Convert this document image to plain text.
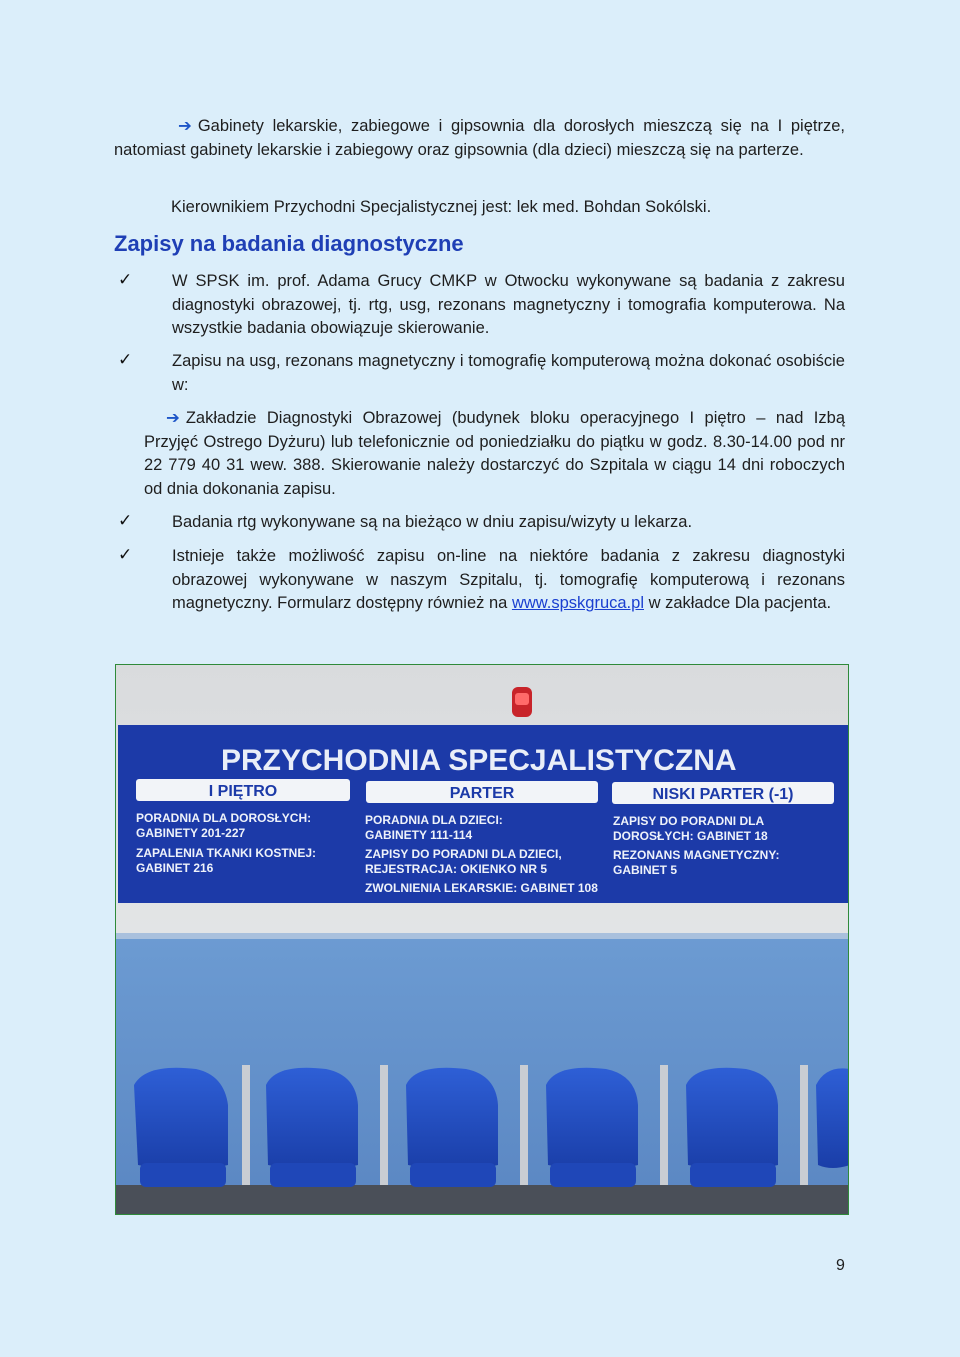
➔ Gabinety lekarskie, zabiegowe i gipsownia dla dorosłych mieszczą się na I piętrze, natomiast gabinety lekarskie i zabiegowy oraz gipsownia (dla dzieci) mieszczą się na parterze.

Kierownikiem Przychodni Specjalistycznej jest: lek med. Bohdan Sokólski.

Zapisy na badania diagnostyczne
✓ W SPSK im. prof. Adama Grucy CMKP w Otwocku wykonywane są badania z zakresu diagnostyki obrazowej, tj. rtg, usg, rezonans magnetyczny i tomografia komputerowa. Na wszystkie badania obowiązuje skierowanie.

✓ Zapisu na usg, rezonans magnetyczny i tomografię komputerową można dokonać osobiście w:

➔ Zakładzie Diagnostyki Obrazowej (budynek bloku operacyjnego I piętro – nad Izbą Przyjęć Ostrego Dyżuru) lub telefonicznie od poniedziałku do piątku w godz. 8.30-14.00 pod nr 22 779 40 31 wew. 388. Skierowanie należy dostarczyć do Szpitala w ciągu 14 dni roboczych od dnia dokonania zapisu.

✓ Badania rtg wykonywane są na bieżąco w dniu zapisu/wizyty u lekarza.

✓ Istnieje także możliwość zapisu on-line na niektóre badania z zakresu diagnostyki obrazowej wykonywane w naszym Szpitalu, tj. tomografię komputerową i rezonans magnetyczny. Formularz dostępny również na www.spskgruca.pl w zakładce Dla pacjenta.

PRZYCHODNIA SPECJALISTYCZNA
I PIĘTRO	PARTER	NISKI PARTER (-1)
PORADNIA DLA DOROSŁYCH:
GABINETY 201-227
ZAPALENIA TKANKI KOSTNEJ:
GABINET 216
PORADNIA DLA DZIECI:
GABINETY 111-114
ZAPISY DO PORADNI DLA DZIECI,
REJESTRACJA: OKIENKO NR 5
ZWOLNIENIA LEKARSKIE: GABINET 108
ZAPISY DO PORADNI DLA
DOROSŁYCH: GABINET 18
REZONANS MAGNETYCZNY:
GABINET 5
9
